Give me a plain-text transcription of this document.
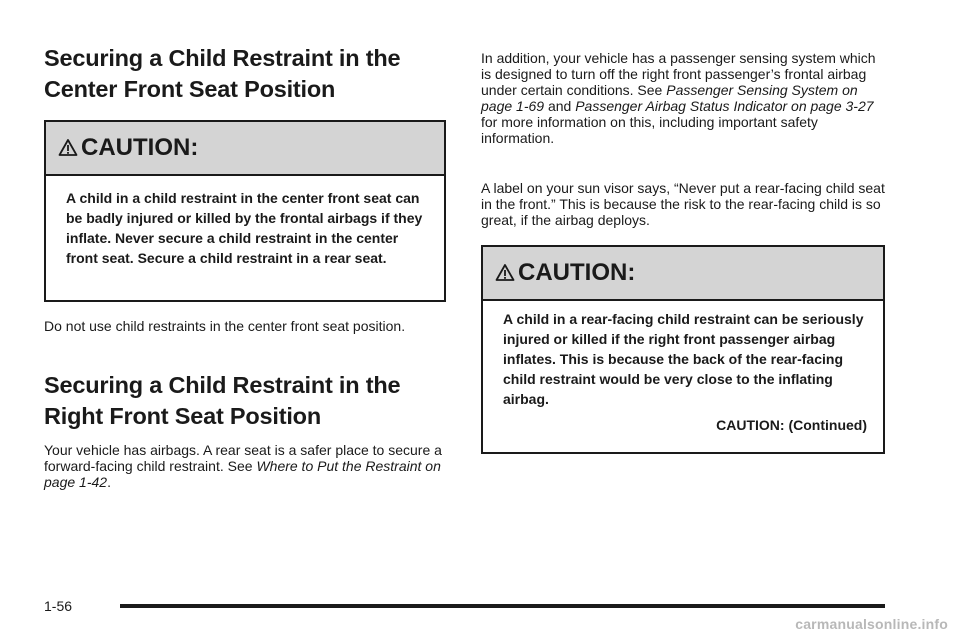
Securing a Child Restraint in the
Center Front Seat Position
CAUTION:
A child in a child restraint in the center front seat can be badly injured or killed by the frontal airbags if they inflate. Never secure a child restraint in the center front seat. Secure a child restraint in a rear seat.

Do not use child restraints in the center front seat position.

Securing a Child Restraint in the
Right Front Seat Position

Your vehicle has airbags. A rear seat is a safer place to secure a forward-facing child restraint. See Where to Put the Restraint on page 1-42.

In addition, your vehicle has a passenger sensing system which is designed to turn off the right front passenger’s frontal airbag under certain conditions. See Passenger Sensing System on page 1-69 and Passenger Airbag Status Indicator on page 3-27 for more information on this, including important safety information.

A label on your sun visor says, “Never put a rear-facing child seat in the front.” This is because the risk to the rear-facing child is so great, if the airbag deploys.

CAUTION:
A child in a rear-facing child restraint can be seriously injured or killed if the right front passenger airbag inflates. This is because the back of the rear-facing child restraint would be very close to the inflating airbag.
CAUTION: (Continued)
1-56
carmanualsonline.info
